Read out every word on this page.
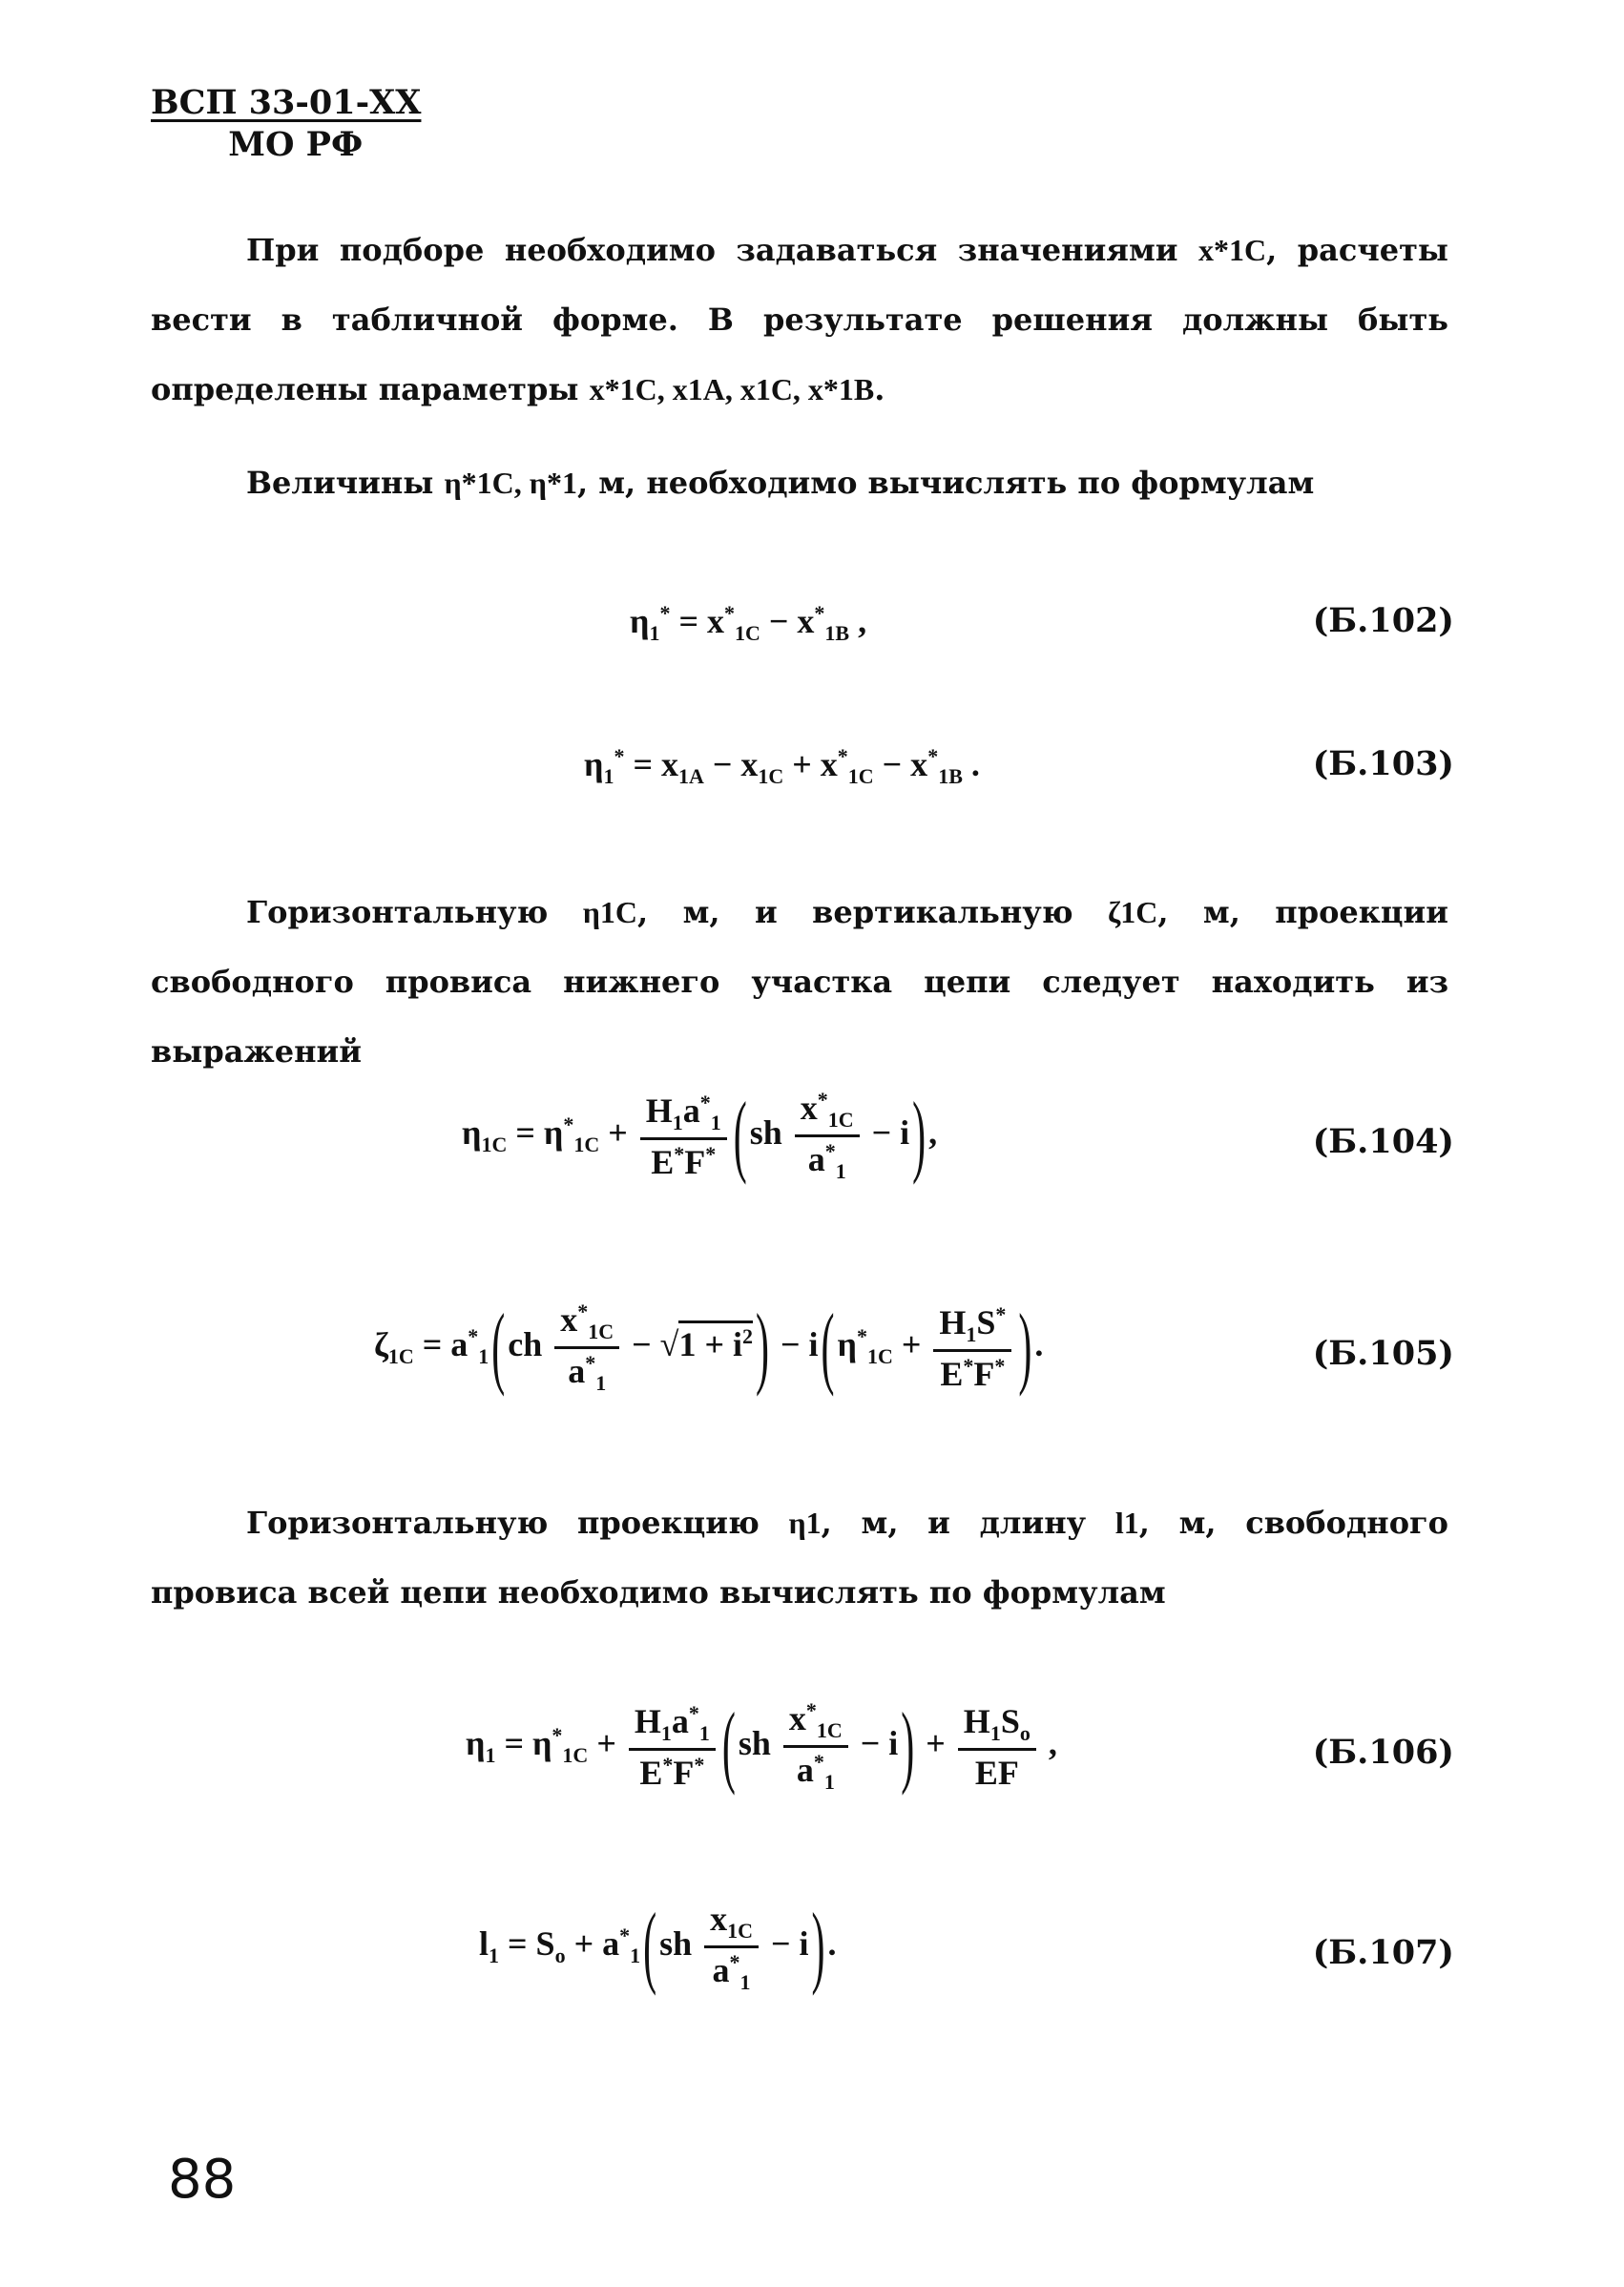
ВСП 33-01-XX
МО РФ
При подборе необходимо задаваться значениями x*1C, расчеты вести в табличной форме. В результате решения должны быть определены параметры x*1C, x1A, x1C, x*1B.
Величины η*1C, η*1, м, необходимо вычислять по формулам
$\eta_1^* = x^*_{1C} - x^*_{1B}$ ,	(Б.102)
$\eta_1^* = x_{1A} - x_{1C} + x^*_{1C} - x^*_{1B}$ .	(Б.103)
Горизонтальную η1C, м, и вертикальную ζ1C, м, проекции свободного провиса нижнего участка цепи следует находить из выражений
$\eta_{1C} = \eta^*_{1C} + \frac{H_1a^*_1}{E^*F^*} (sh \frac{x^*_{1C}}{a^*_1} - i)$,	(Б.104)
$\zeta_{1C} = a^*_1(ch \frac{x^*_{1C}}{a^*_1} - √1 + i^2) - i(\eta^*_{1C} + \frac{H_1S^*}{E^*F^*}$ ).	(Б.105)
Горизонтальную проекцию η1, м, и длину l1, м, свободного провиса всей цепи необходимо вычислять по формулам
$\eta_1 = \eta^*_{1C} + \frac{H_1a^*_1}{E^*F^*} (sh \frac{x^*_{1C}}{a^*_1} - i) + \frac{H_1S_o}{EF}$ ,	(Б.106)
$l_1 = S_o + a^*_1(sh \frac{x_{1C}}{a^*_1} - i)$.	(Б.107)
88
